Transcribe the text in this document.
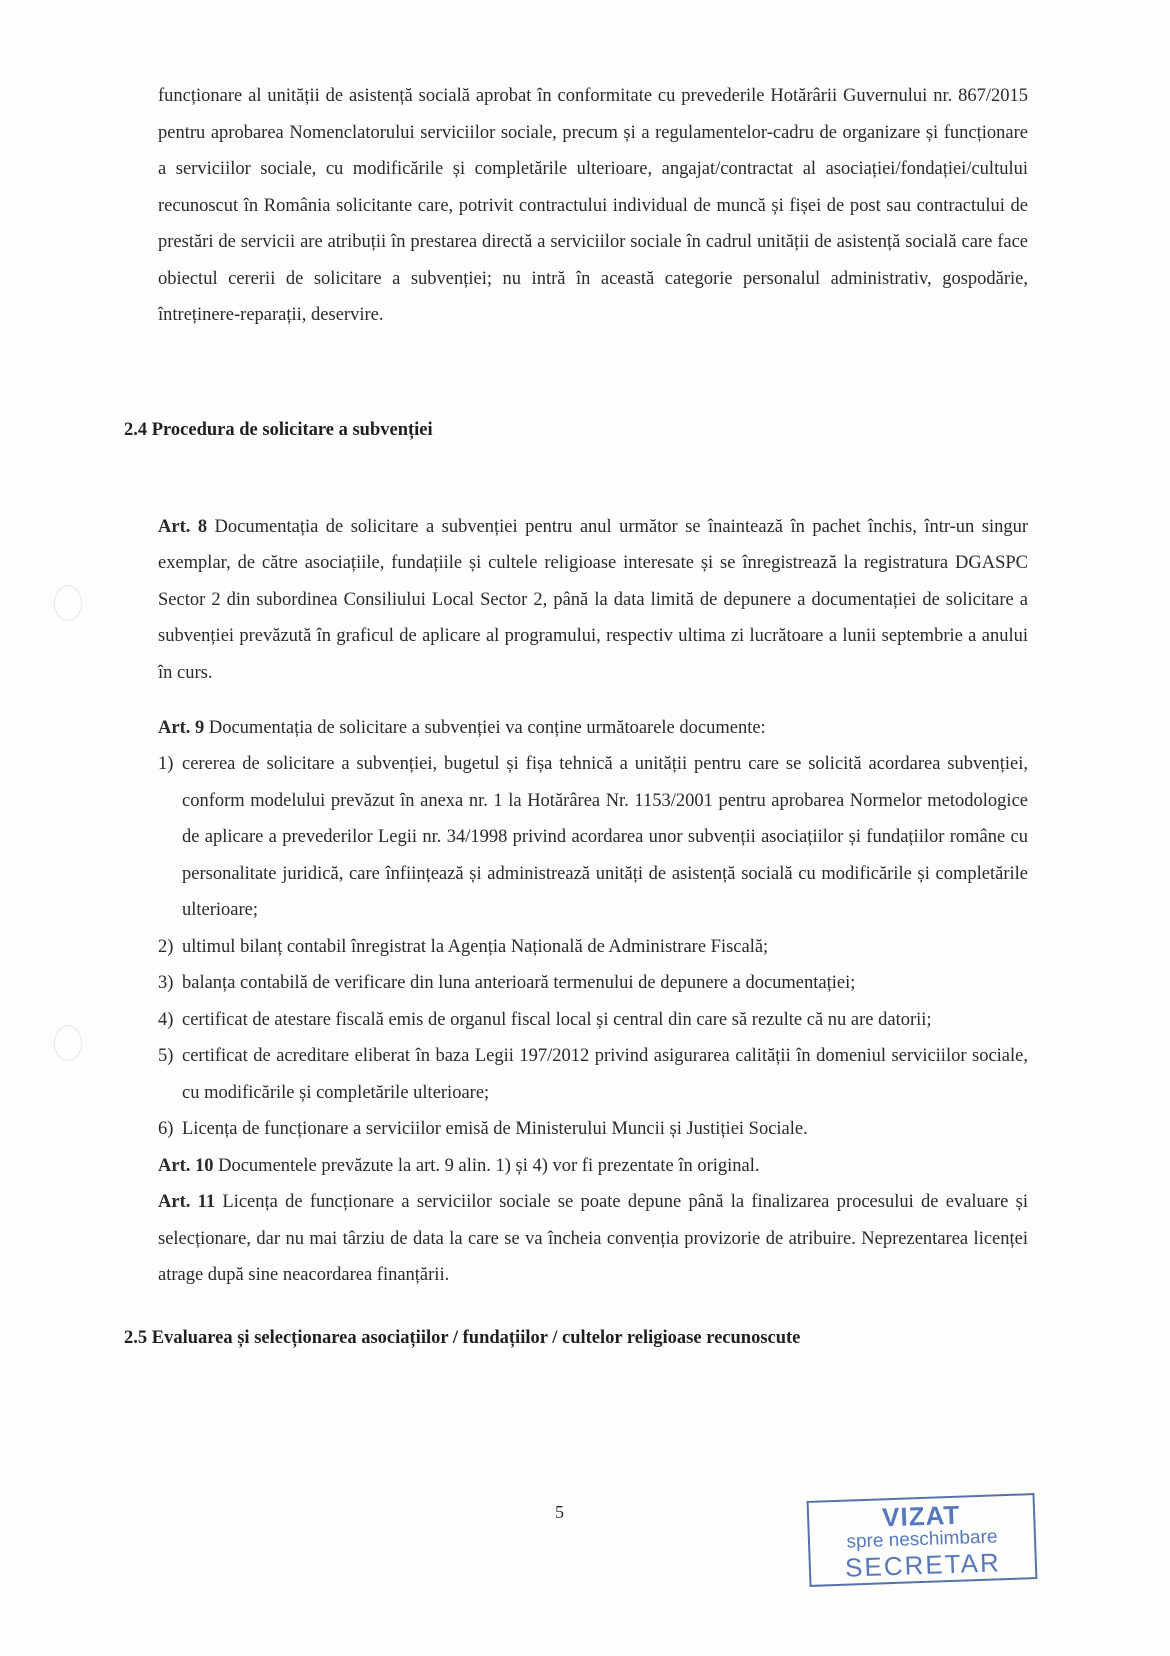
funcționare al unității de asistență socială aprobat în conformitate cu prevederile Hotărârii Guvernului nr. 867/2015 pentru aprobarea Nomenclatorului serviciilor sociale, precum și a regulamentelor-cadru de organizare și funcționare a serviciilor sociale, cu modificările și completările ulterioare, angajat/contractat al asociației/fondației/cultului recunoscut în România solicitante care, potrivit contractului individual de muncă și fișei de post sau contractului de prestări de servicii are atribuții în prestarea directă a serviciilor sociale în cadrul unității de asistență socială care face obiectul cererii de solicitare a subvenției; nu intră în această categorie personalul administrativ, gospodărie, întreținere-reparații, deservire.

2.4 Procedura de solicitare a subvenției

Art. 8 Documentația de solicitare a subvenției pentru anul următor se înaintează în pachet închis, într-un singur exemplar, de către asociațiile, fundațiile și cultele religioase interesate și se înregistrează la registratura DGASPC Sector 2 din subordinea Consiliului Local Sector 2, până la data limită de depunere a documentației de solicitare a subvenției prevăzută în graficul de aplicare al programului, respectiv ultima zi lucrătoare a lunii septembrie a anului în curs.

Art. 9 Documentația de solicitare a subvenției va conține următoarele documente:

1) cererea de solicitare a subvenției, bugetul și fișa tehnică a unității pentru care se solicită acordarea subvenției, conform modelului prevăzut în anexa nr. 1 la Hotărârea Nr. 1153/2001 pentru aprobarea Normelor metodologice de aplicare a prevederilor Legii nr. 34/1998 privind acordarea unor subvenții asociațiilor și fundațiilor române cu personalitate juridică, care înființează și administrează unități de asistență socială cu modificările și completările ulterioare;

2) ultimul bilanț contabil înregistrat la Agenția Națională de Administrare Fiscală;

3) balanța contabilă de verificare din luna anterioară termenului de depunere a documentației;

4) certificat de atestare fiscală emis de organul fiscal local și central din care să rezulte că nu are datorii;

5) certificat de acreditare eliberat în baza Legii 197/2012 privind asigurarea calității în domeniul serviciilor sociale, cu modificările și completările ulterioare;

6) Licența de funcționare a serviciilor emisă de Ministerului Muncii și Justiției Sociale.

Art. 10 Documentele prevăzute la art. 9 alin. 1) și 4) vor fi prezentate în original.

Art. 11 Licența de funcționare a serviciilor sociale se poate depune până la finalizarea procesului de evaluare și selecționare, dar nu mai târziu de data la care se va încheia convenția provizorie de atribuire. Neprezentarea licenței atrage după sine neacordarea finanțării.

2.5 Evaluarea și selecționarea asociațiilor / fundațiilor / cultelor religioase recunoscute
5	VIZAT
spre neschimbare
SECRETAR
